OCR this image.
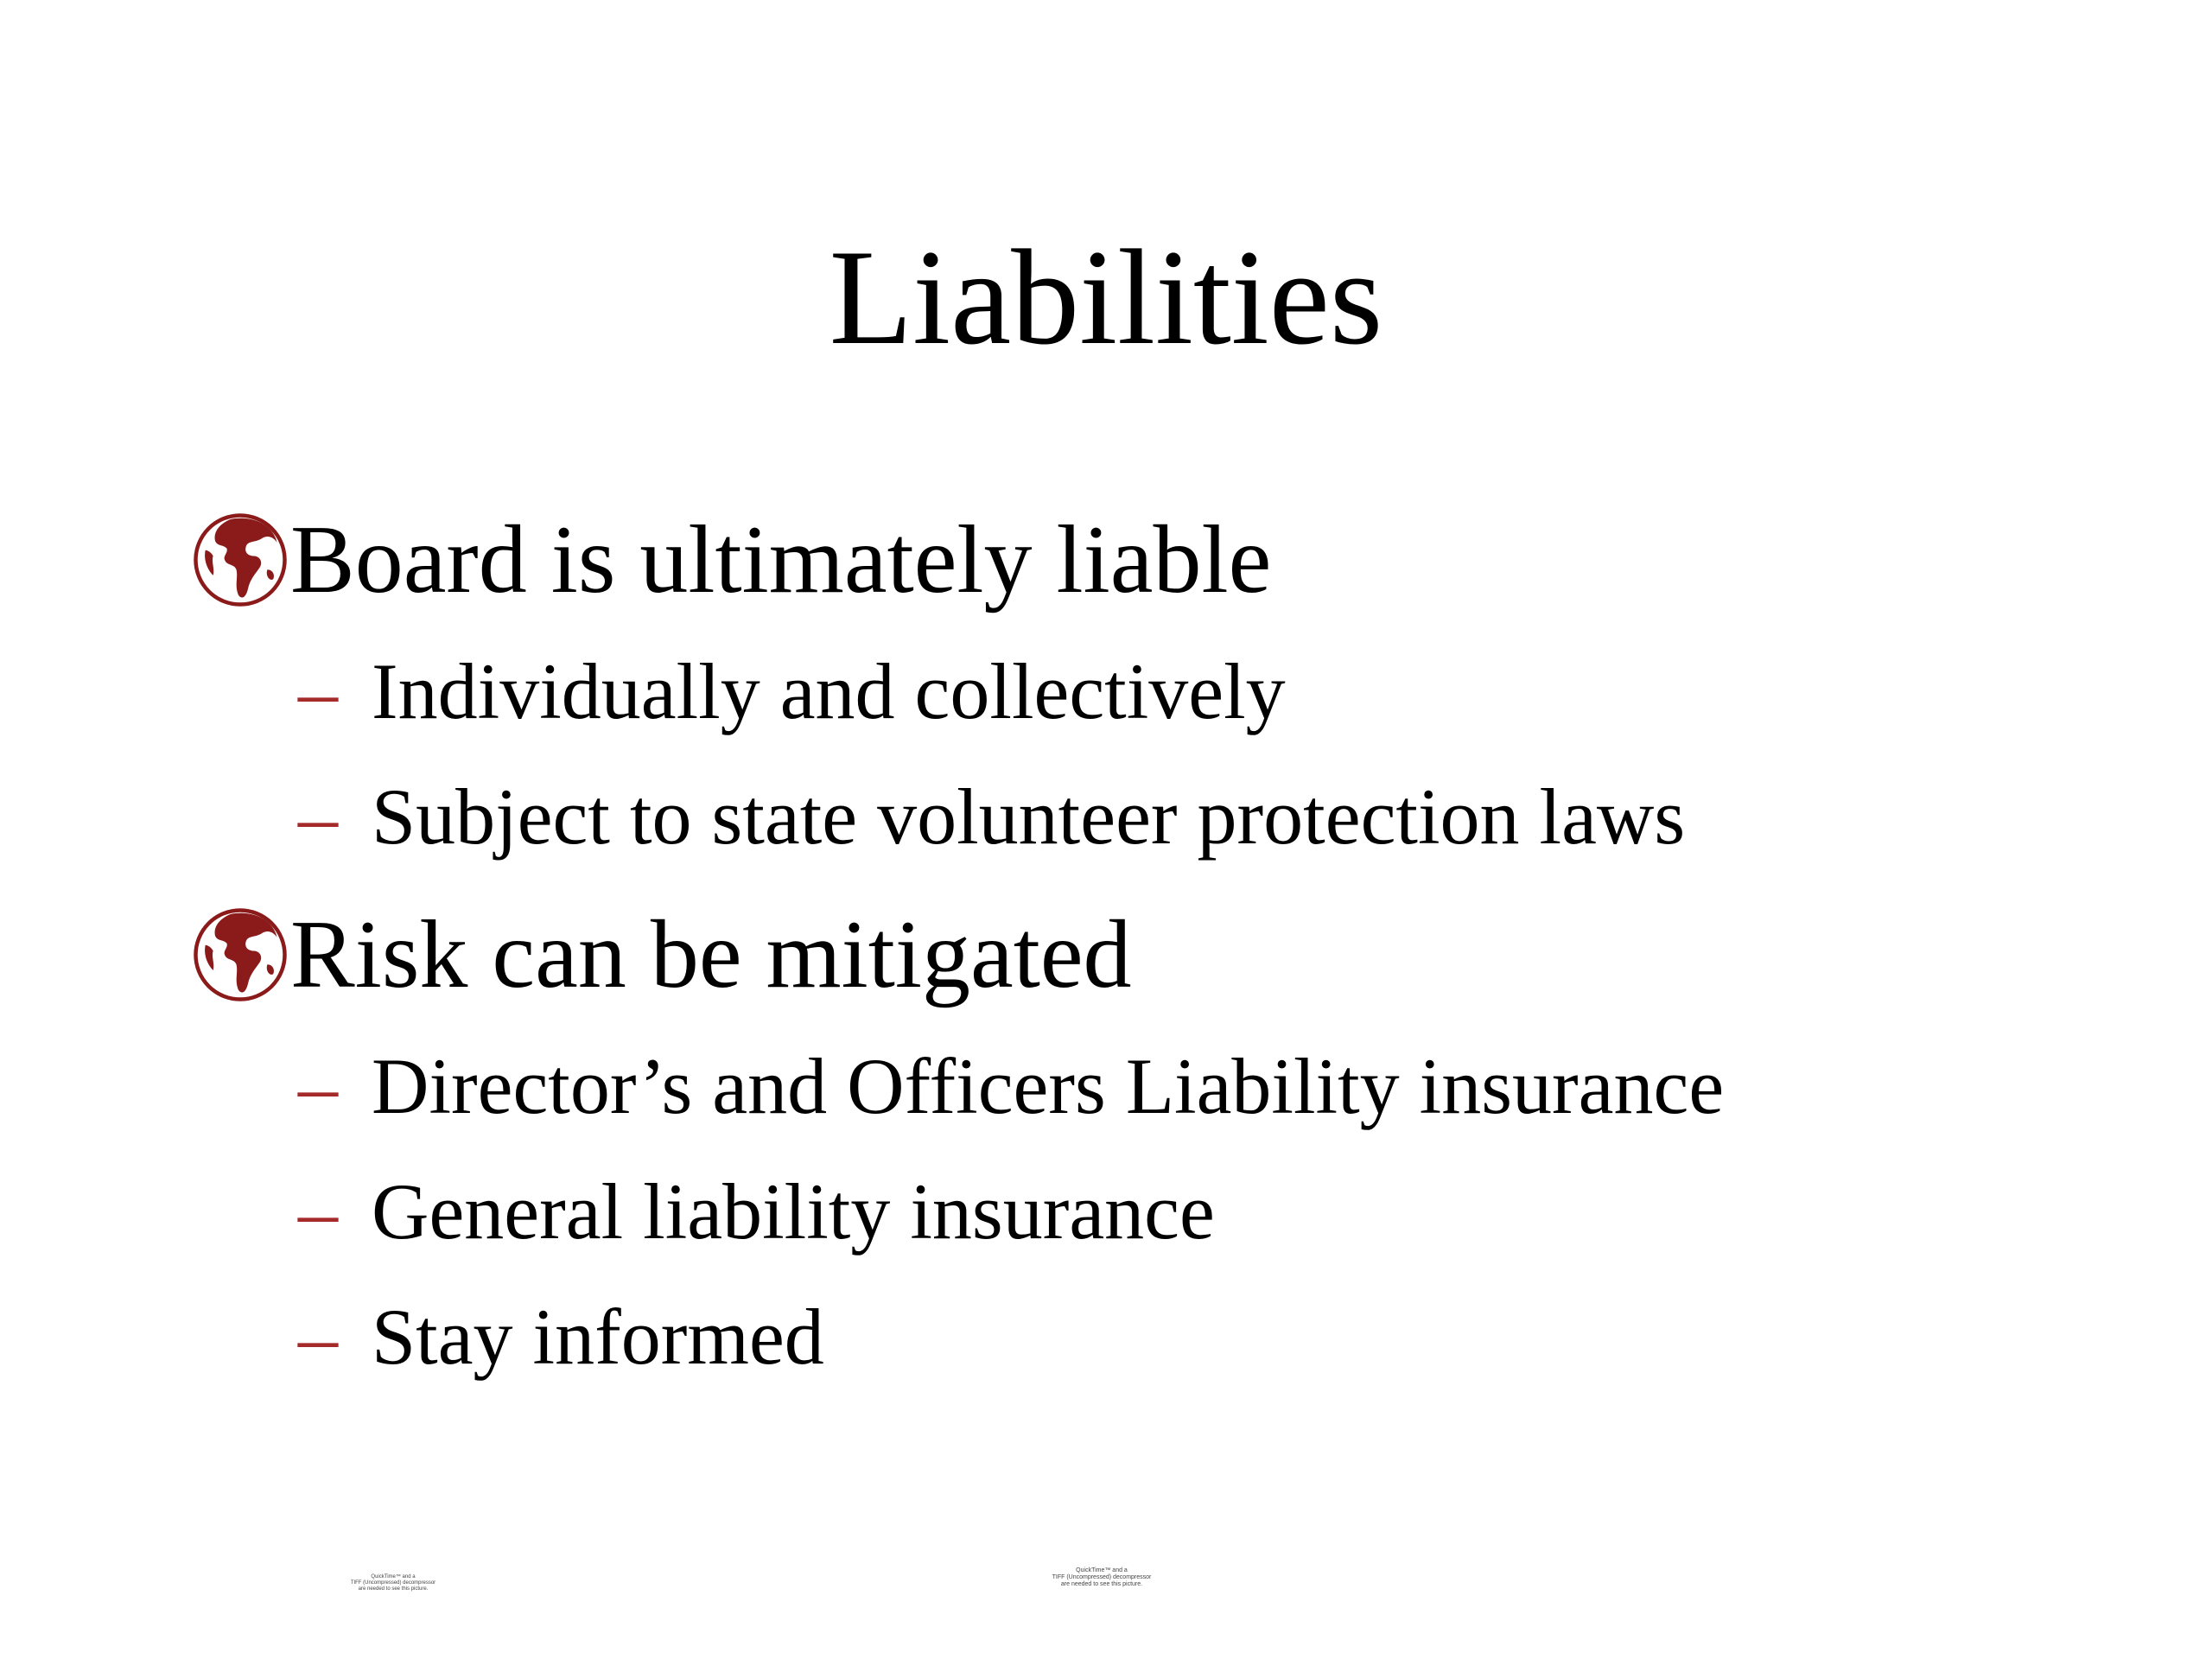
Liabilities
Board is ultimately liable
– Individually and collectively
– Subject to state volunteer protection laws
Risk can be mitigated
– Director’s and Officers Liability insurance
– General liability insurance
– Stay informed
QuickTime™ and a
TIFF (Uncompressed) decompressor
are needed to see this picture.
QuickTime™ and a
TIFF (Uncompressed) decompressor
are needed to see this picture.
